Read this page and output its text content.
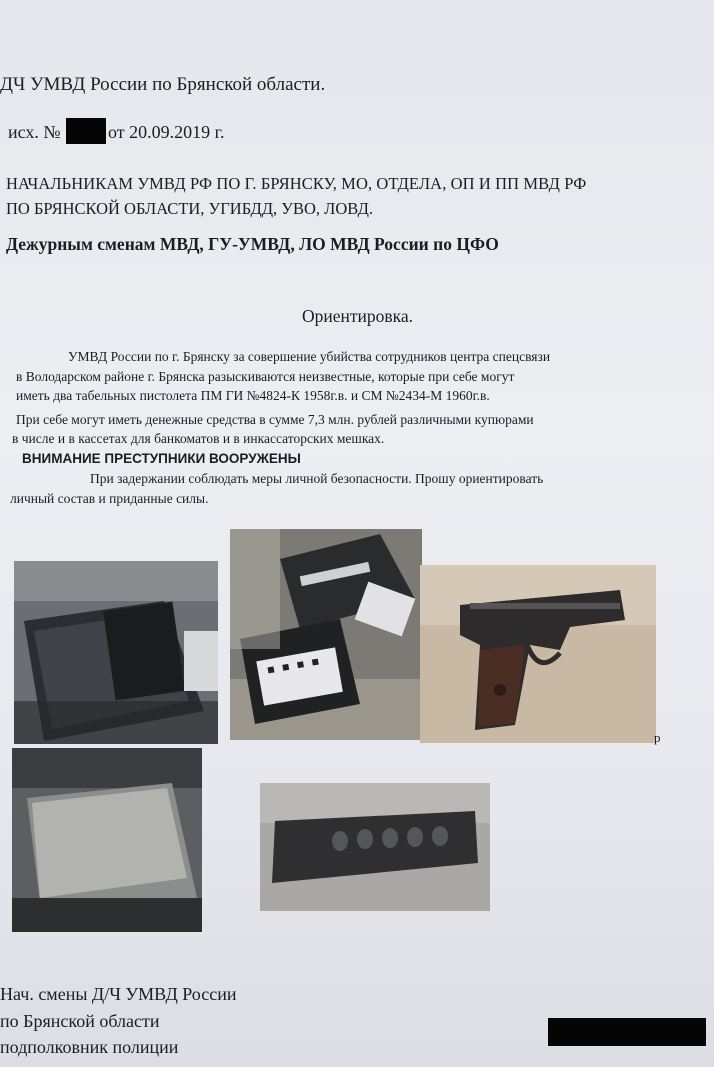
ДЧ УМВД России по Брянской области.

исх. №	от 20.09.2019 г.

НАЧАЛЬНИКАМ УМВД РФ ПО Г. БРЯНСКУ, МО, ОТДЕЛА, ОП И ПП МВД РФ

ПО БРЯНСКОЙ ОБЛАСТИ, УГИБДД, УВО, ЛОВД.

Дежурным сменам МВД, ГУ-УМВД, ЛО МВД России по ЦФО

Ориентировка.

УМВД России по г. Брянску за совершение убийства сотрудников центра спецсвязи

в Володарском районе г. Брянска разыскиваются неизвестные, которые при себе могут

иметь два табельных пистолета ПМ ГИ №4824-К 1958г.в. и СМ №2434-М 1960г.в.

При себе могут иметь денежные средства в сумме 7,3 млн. рублей различными купюрами

в числе и в кассетах для банкоматов и в инкассаторских мешках.

ВНИМАНИЕ ПРЕСТУПНИКИ ВООРУЖЕНЫ

При задержании соблюдать меры личной безопасности. Прошу ориентировать

личный состав и приданные силы.

р

Нач. смены Д/Ч УМВД России

по Брянской области

подполковник полиции
